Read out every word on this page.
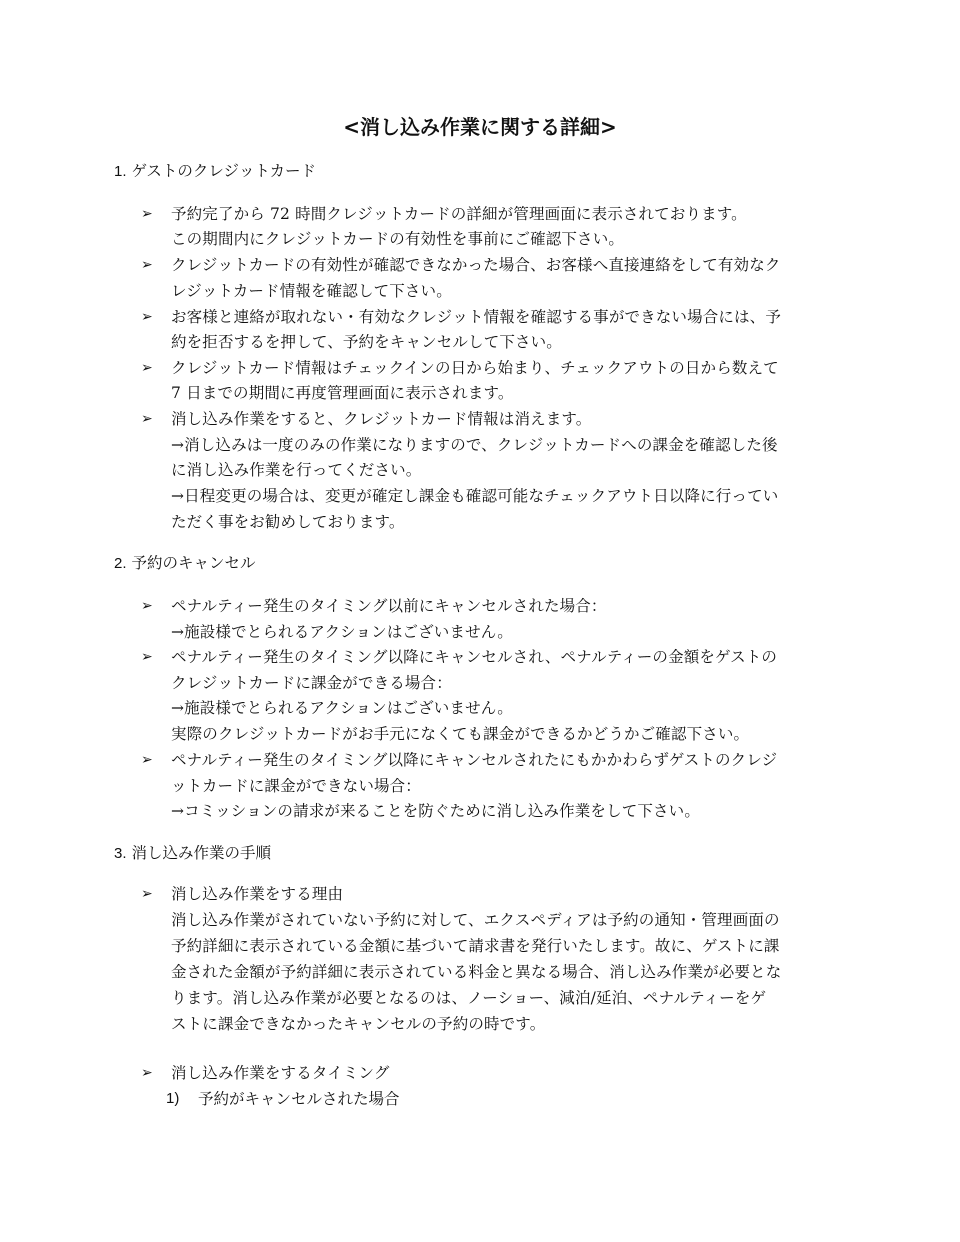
<消し込み作業に関する詳細>
1. ゲストのクレジットカード
➢ 予約完了から 72 時間クレジットカードの詳細が管理画面に表示されております。
この期間内にクレジットカードの有効性を事前にご確認下さい。
➢ クレジットカードの有効性が確認できなかった場合、お客様へ直接連絡をして有効なク
レジットカード情報を確認して下さい。
➢ お客様と連絡が取れない・有効なクレジット情報を確認する事ができない場合には、予
約を拒否するを押して、予約をキャンセルして下さい。
➢ クレジットカード情報はチェックインの日から始まり、チェックアウトの日から数えて
7 日までの期間に再度管理画面に表示されます。
➢ 消し込み作業をすると、クレジットカード情報は消えます。
→消し込みは一度のみの作業になりますので、クレジットカードへの課金を確認した後
に消し込み作業を行ってください。
→日程変更の場合は、変更が確定し課金も確認可能なチェックアウト日以降に行ってい
ただく事をお勧めしております。
2. 予約のキャンセル
➢ ペナルティー発生のタイミング以前にキャンセルされた場合：
→施設様でとられるアクションはございません。
➢ ペナルティー発生のタイミング以降にキャンセルされ、ペナルティーの金額をゲストの
クレジットカードに課金ができる場合：
→施設様でとられるアクションはございません。
実際のクレジットカードがお手元になくても課金ができるかどうかご確認下さい。
➢ ペナルティー発生のタイミング以降にキャンセルされたにもかかわらずゲストのクレジ
ットカードに課金ができない場合：
→コミッションの請求が来ることを防ぐために消し込み作業をして下さい。
3. 消し込み作業の手順
➢ 消し込み作業をする理由
消し込み作業がされていない予約に対して、エクスペディアは予約の通知・管理画面の
予約詳細に表示されている金額に基づいて請求書を発行いたします。故に、ゲストに課
金された金額が予約詳細に表示されている料金と異なる場合、消し込み作業が必要とな
ります。消し込み作業が必要となるのは、ノーショー、減泊/延泊、ペナルティーをゲ
ストに課金できなかったキャンセルの予約の時です。
➢ 消し込み作業をするタイミング
1) 予約がキャンセルされた場合
